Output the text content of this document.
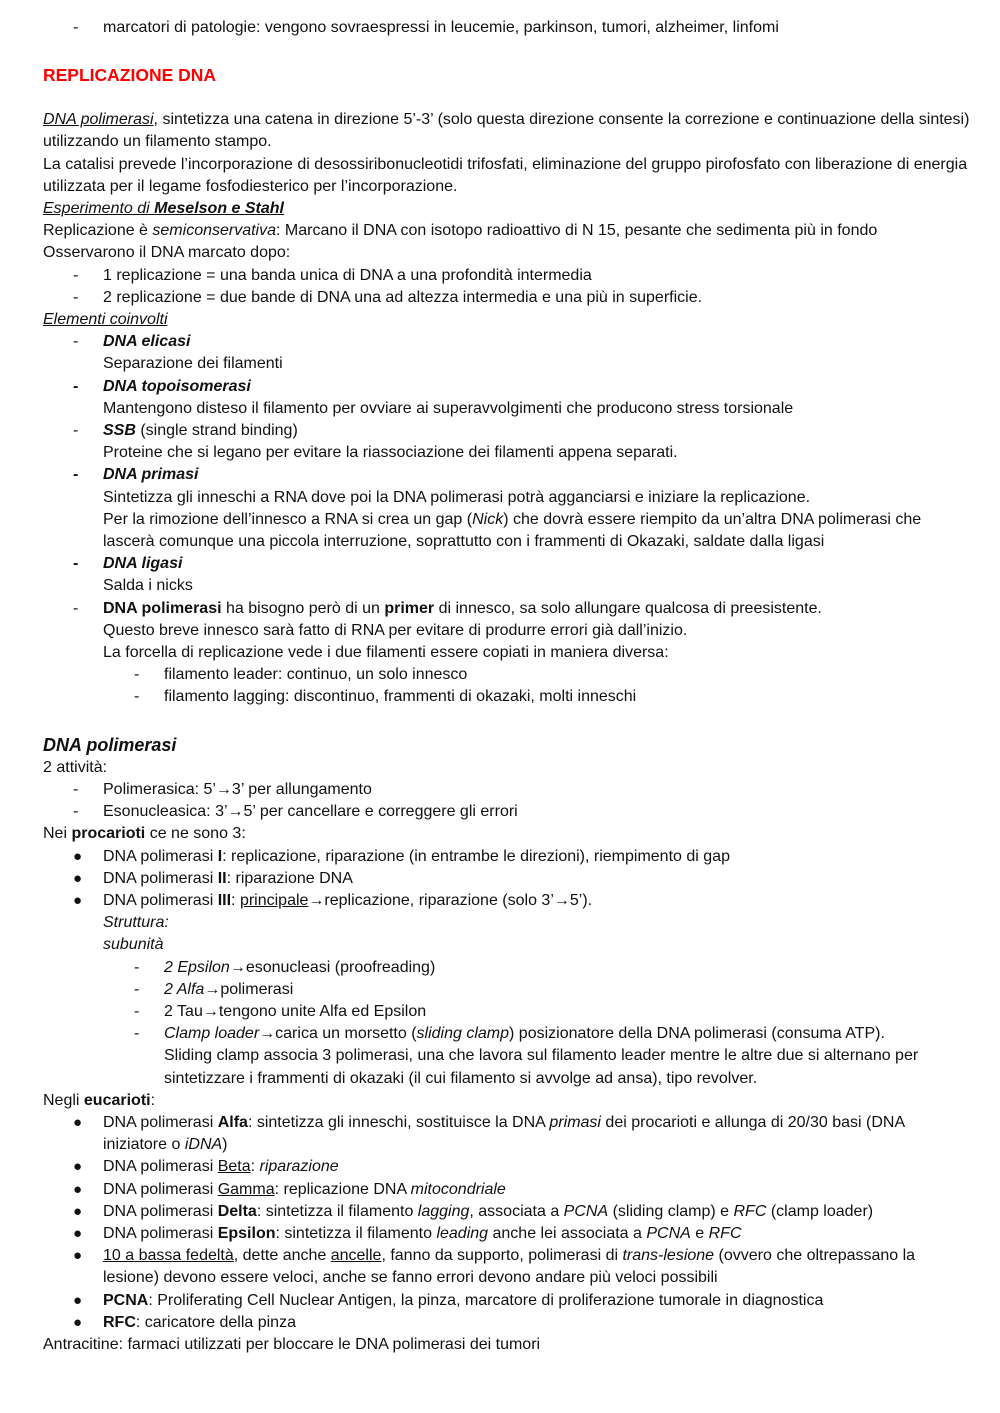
- marcatori di patologie: vengono sovraespressi in leucemie, parkinson, tumori, alzheimer, linfomi
REPLICAZIONE DNA

DNA polimerasi, sintetizza una catena in direzione 5’-3’ (solo questa direzione consente la correzione e continuazione della sintesi) utilizzando un filamento stampo.

La catalisi prevede l’incorporazione di desossiribonucleotidi trifosfati, eliminazione del gruppo pirofosfato con liberazione di energia utilizzata per il legame fosfodiesterico per l’incorporazione.

Esperimento di Meselson e Stahl

Replicazione è semiconservativa: Marcano il DNA con isotopo radioattivo di N 15, pesante che sedimenta più in fondo

Osservarono il DNA marcato dopo:

- 1 replicazione = una banda unica di DNA a una profondità intermedia
- 2 replicazione = due bande di DNA una ad altezza intermedia e una più in superficie.

Elementi coinvolti

- DNA elicasi
Separazione dei filamenti
- DNA topoisomerasi
Mantengono disteso il filamento per ovviare ai superavvolgimenti che producono stress torsionale
- SSB (single strand binding)
Proteine che si legano per evitare la riassociazione dei filamenti appena separati.
- DNA primasi
Sintetizza gli inneschi a RNA dove poi la DNA polimerasi potrà agganciarsi e iniziare la replicazione.
Per la rimozione dell’innesco a RNA si crea un gap (Nick) che dovrà essere riempito da un’altra DNA polimerasi che lascerà comunque una piccola interruzione, soprattutto con i frammenti di Okazaki, saldate dalla ligasi
- DNA ligasi
Salda i nicks
- DNA polimerasi ha bisogno però di un primer di innesco, sa solo allungare qualcosa di preesistente.
Questo breve innesco sarà fatto di RNA per evitare di produrre errori già dall’inizio.
La forcella di replicazione vede i due filamenti essere copiati in maniera diversa:
- filamento leader: continuo, un solo innesco
- filamento lagging: discontinuo, frammenti di okazaki, molti inneschi
DNA polimerasi

2 attività:

- Polimerasica: 5’→3’ per allungamento
- Esonucleasica: 3’→5’ per cancellare e correggere gli errori

Nei procarioti ce ne sono 3:

● DNA polimerasi I: replicazione, riparazione (in entrambe le direzioni), riempimento di gap
● DNA polimerasi II: riparazione DNA
● DNA polimerasi III: principale→replicazione, riparazione (solo 3’→5’).
Struttura:
subunità
- 2 Epsilon→esonucleasi (proofreading)
- 2 Alfa→polimerasi
- 2 Tau→tengono unite Alfa ed Epsilon
- Clamp loader→carica un morsetto (sliding clamp) posizionatore della DNA polimerasi (consuma ATP).
Sliding clamp associa 3 polimerasi, una che lavora sul filamento leader mentre le altre due si alternano per sintetizzare i frammenti di okazaki (il cui filamento si avvolge ad ansa), tipo revolver.

Negli eucarioti:

● DNA polimerasi Alfa: sintetizza gli inneschi, sostituisce la DNA primasi dei procarioti e allunga di 20/30 basi (DNA iniziatore o iDNA)
● DNA polimerasi Beta: riparazione
● DNA polimerasi Gamma: replicazione DNA mitocondriale
● DNA polimerasi Delta: sintetizza il filamento lagging, associata a PCNA (sliding clamp) e RFC (clamp loader)
● DNA polimerasi Epsilon: sintetizza il filamento leading anche lei associata a PCNA e RFC
● 10 a bassa fedeltà, dette anche ancelle, fanno da supporto, polimerasi di trans-lesione (ovvero che oltrepassano la lesione) devono essere veloci, anche se fanno errori devono andare più veloci possibili
● PCNA: Proliferating Cell Nuclear Antigen, la pinza, marcatore di proliferazione tumorale in diagnostica
● RFC: caricatore della pinza

Antracitine: farmaci utilizzati per bloccare le DNA polimerasi dei tumori
